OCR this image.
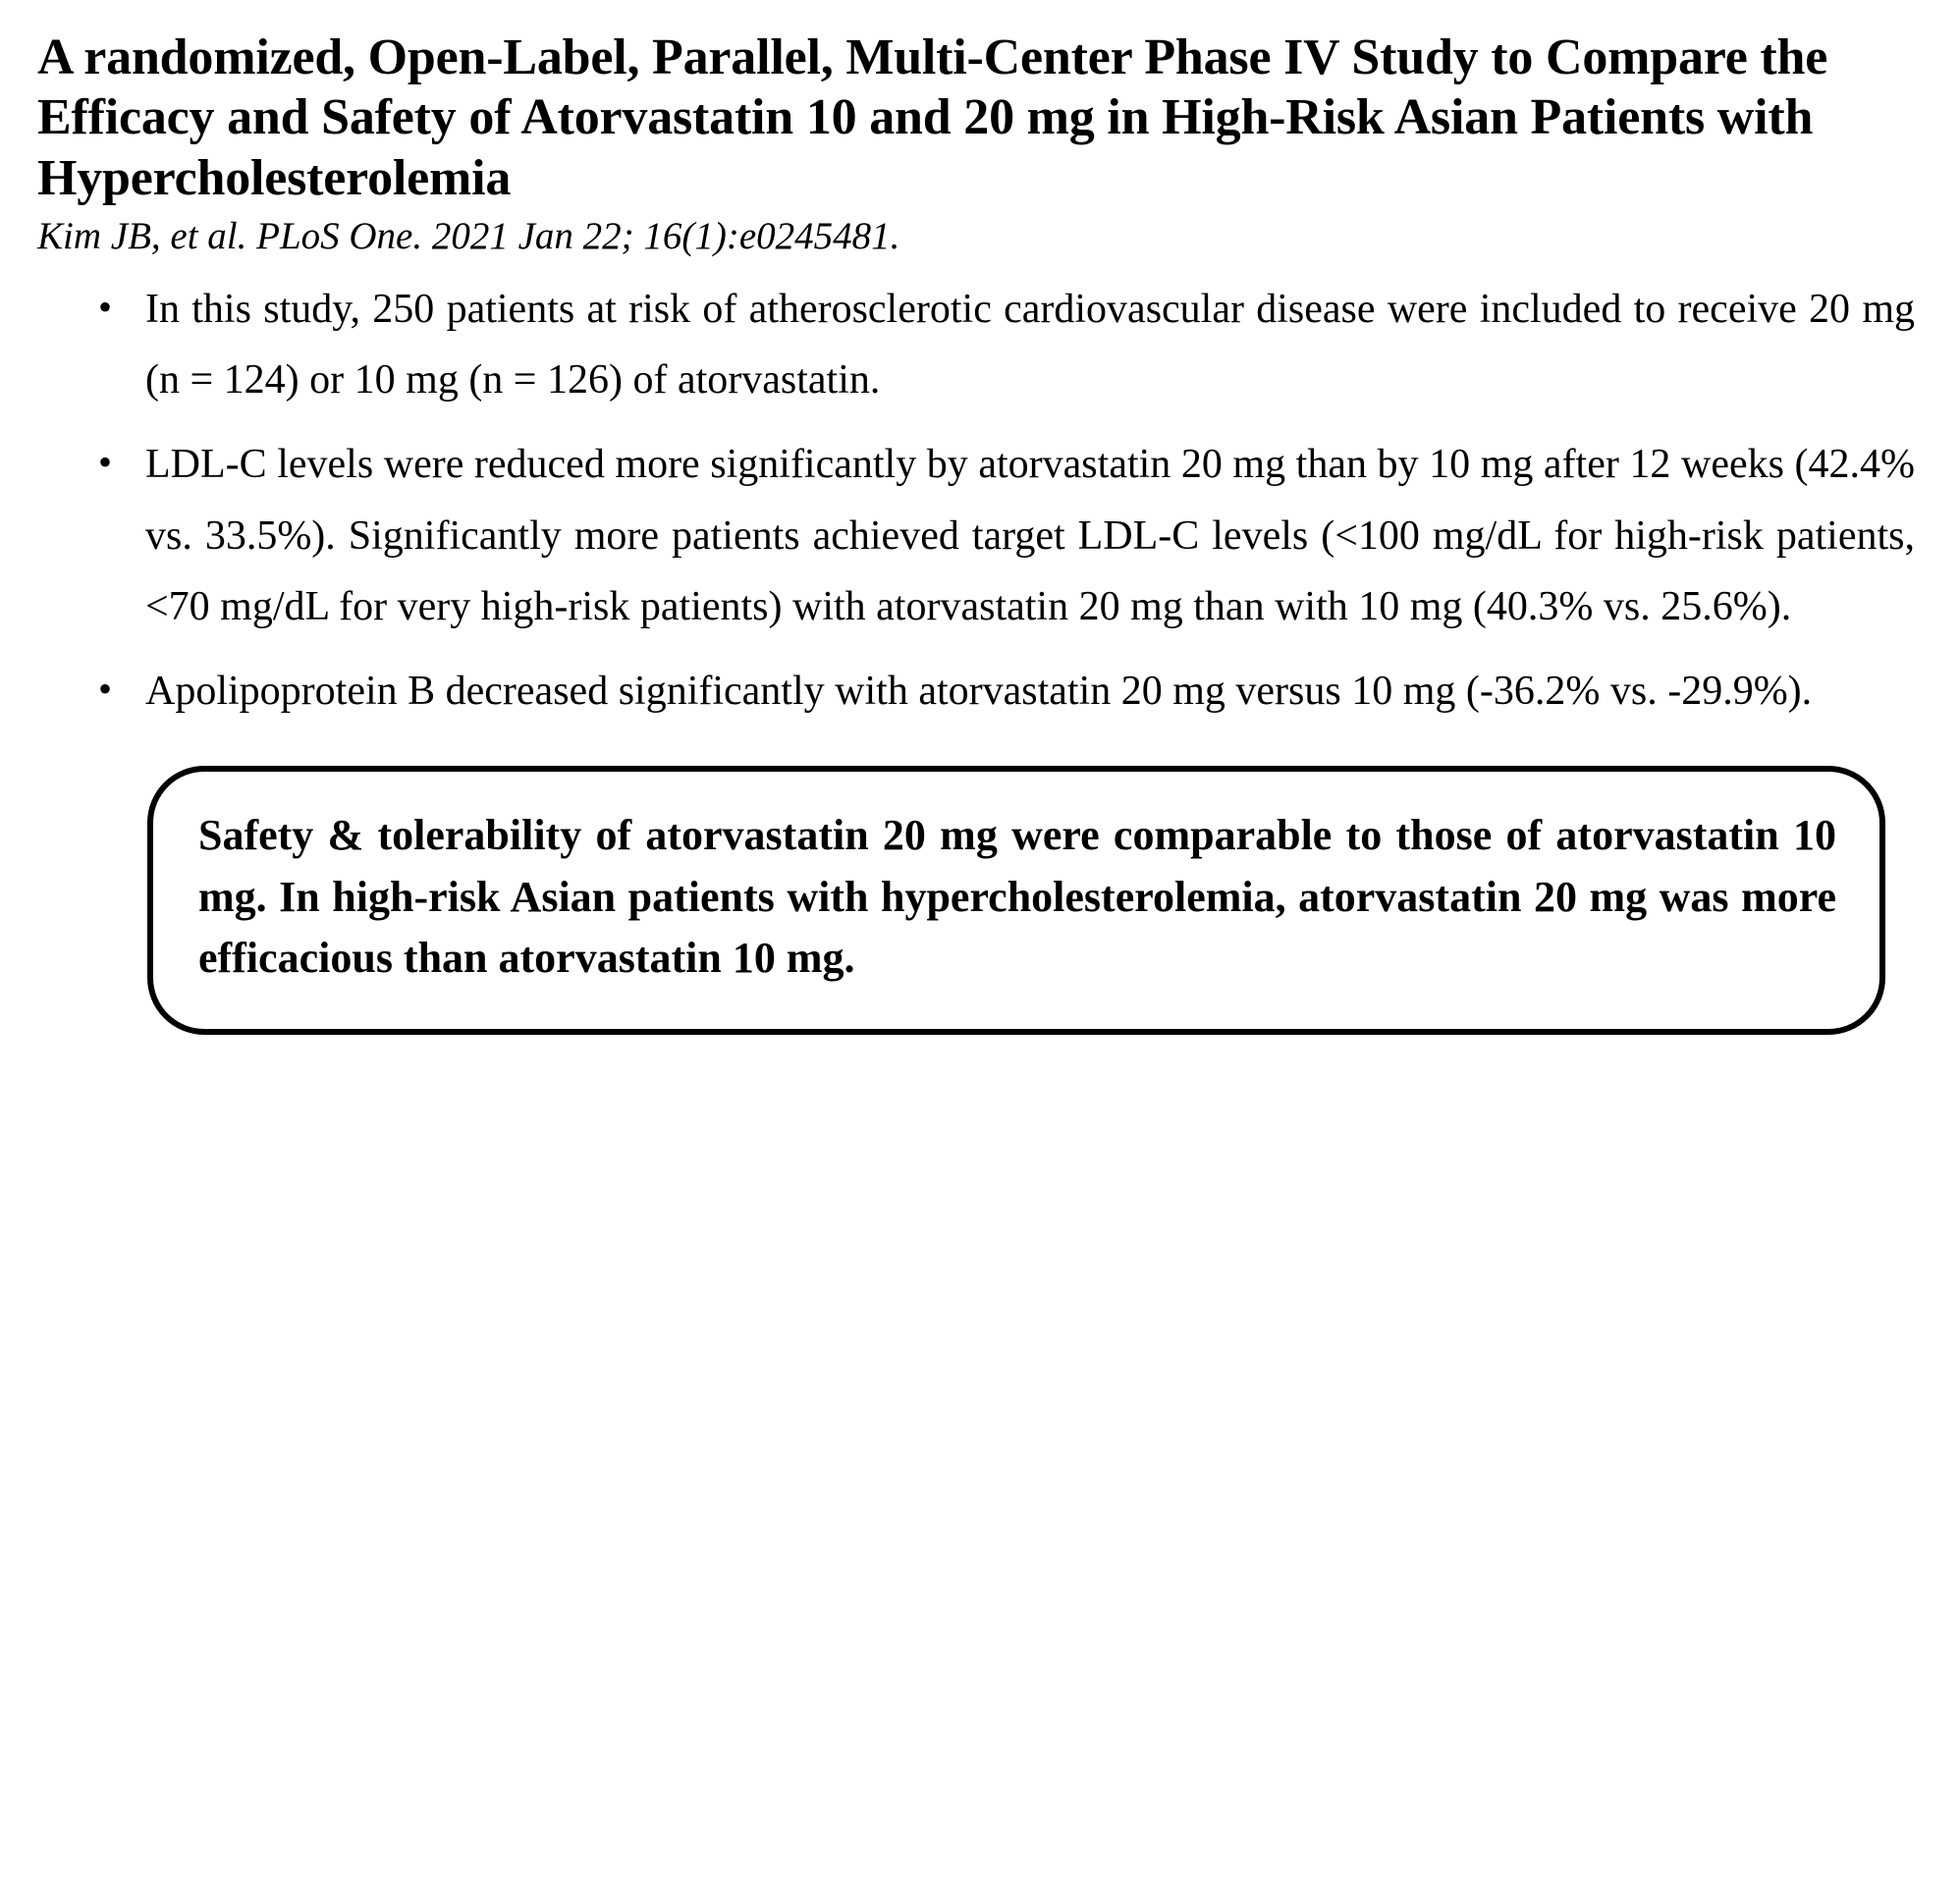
A randomized, Open-Label, Parallel, Multi-Center Phase IV Study to Compare the Efficacy and Safety of Atorvastatin 10 and 20 mg in High-Risk Asian Patients with Hypercholesterolemia
Kim JB, et al. PLoS One. 2021 Jan 22; 16(1):e0245481.
• In this study, 250 patients at risk of atherosclerotic cardiovascular disease were included to receive 20 mg (n = 124) or 10 mg (n = 126) of atorvastatin.
• LDL-C levels were reduced more significantly by atorvastatin 20 mg than by 10 mg after 12 weeks (42.4% vs. 33.5%). Significantly more patients achieved target LDL-C levels (<100 mg/dL for high-risk patients, <70 mg/dL for very high-risk patients) with atorvastatin 20 mg than with 10 mg (40.3% vs. 25.6%).
• Apolipoprotein B decreased significantly with atorvastatin 20 mg versus 10 mg (-36.2% vs. -29.9%).

Safety & tolerability of atorvastatin 20 mg were comparable to those of atorvastatin 10 mg. In high-risk Asian patients with hypercholesterolemia, atorvastatin 20 mg was more efficacious than atorvastatin 10 mg.
